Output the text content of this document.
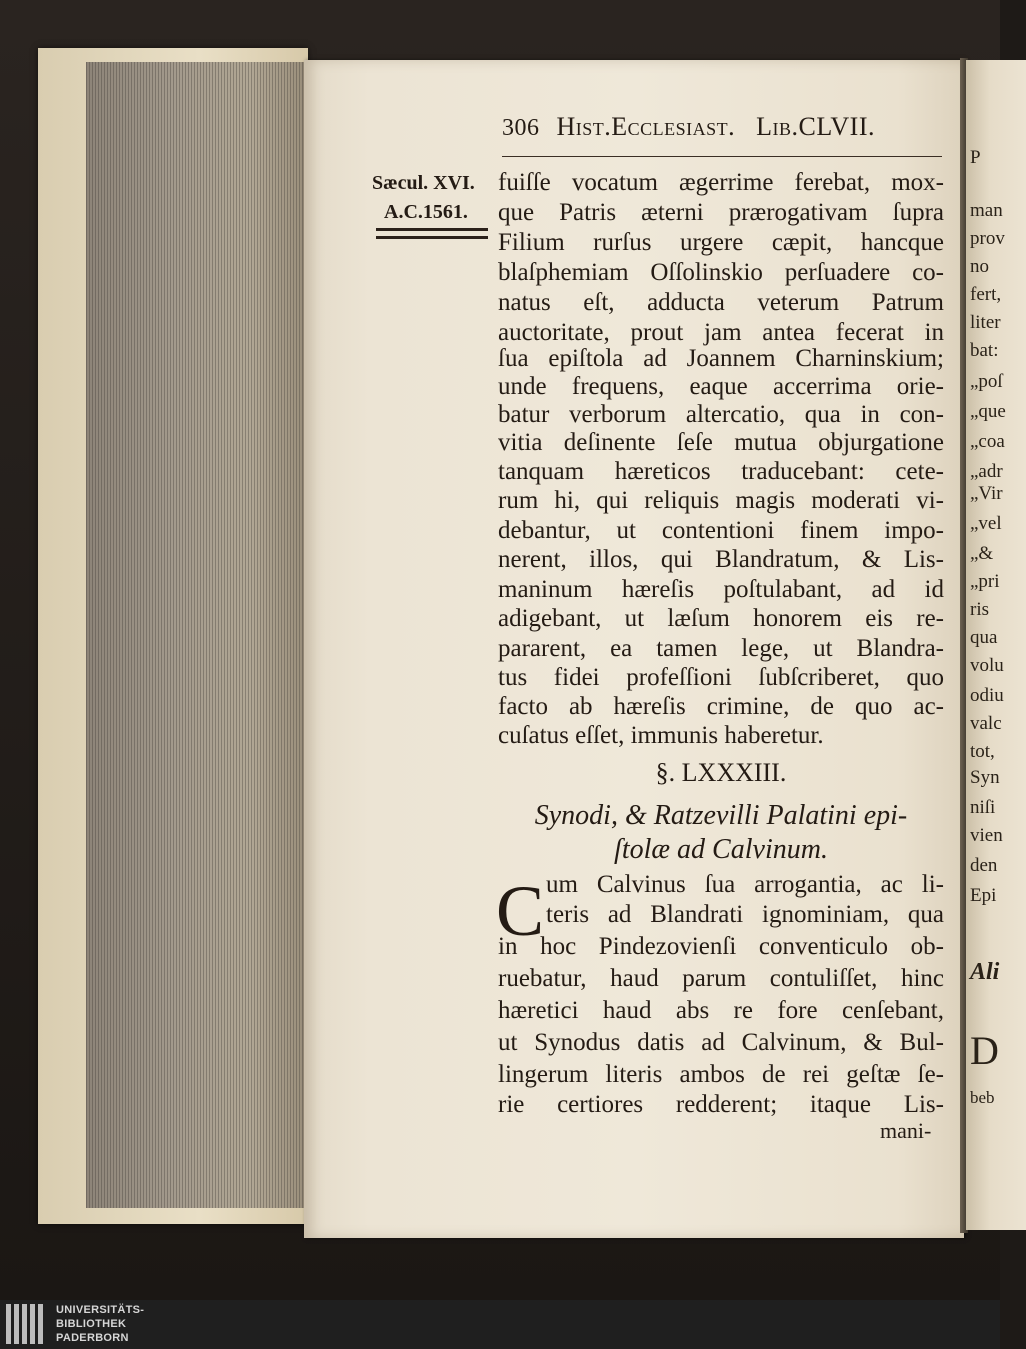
P
man
prov
no
fert,
liter
bat:
„poſ
„que
„coa
„adr
„Vir
„vel
„&
„pri
ris
qua
volu
odiu
valc
tot,
Syn
niſi
vien
den
Epi
Ali
D
beb
306 Hist.Ecclesiast. Lib.CLVII.
Sæcul. XVI.
A.C.1561.
fuiſſe vocatum ægerrime ferebat, mox-
que Patris æterni prærogativam ſupra
Filium rurſus urgere cæpit, hancque
blaſphemiam Oſſolinskio perſuadere co-
natus eſt, adducta veterum Patrum
auctoritate, prout jam antea fecerat in
ſua epiſtola ad Joannem Charninskium;
unde frequens, eaque accerrima orie-
batur verborum altercatio, qua in con-
vitia deſinente ſeſe mutua objurgatione
tanquam hæreticos traducebant: cete-
rum hi, qui reliquis magis moderati vi-
debantur, ut contentioni finem impo-
nerent, illos, qui Blandratum, & Lis-
maninum hæreſis poſtulabant, ad id
adigebant, ut læſum honorem eis re-
pararent, ea tamen lege, ut Blandra-
tus fidei profeſſioni ſubſcriberet, quo
facto ab hæreſis crimine, de quo ac-
cuſatus eſſet, immunis haberetur.
§. LXXXIII.
Synodi, & Ratzevilli Palatini epi-
ſtolæ ad Calvinum.
C um Calvinus ſua arrogantia, ac li-
teris ad Blandrati ignominiam, qua
in hoc Pindezovienſi conventiculo ob-
ruebatur, haud parum contuliſſet, hinc
hæretici haud abs re fore cenſebant,
ut Synodus datis ad Calvinum, & Bul-
lingerum literis ambos de rei geſtæ ſe-
rie certiores redderent; itaque Lis-
mani-
UNIVERSITÄTS-
BIBLIOTHEK
PADERBORN
